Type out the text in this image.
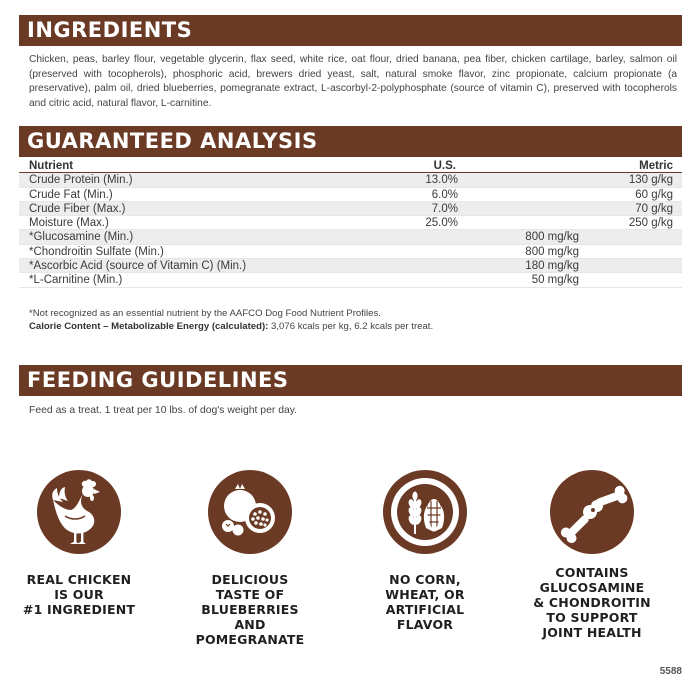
INGREDIENTS
Chicken, peas, barley flour, vegetable glycerin, flax seed, white rice, oat flour, dried banana, pea fiber, chicken cartilage, barley, salmon oil (preserved with tocopherols), phosphoric acid, brewers dried yeast, salt, natural smoke flavor, zinc propionate, calcium propionate (a preservative), palm oil, dried blueberries, pomegranate extract, L-ascorbyl-2-polyphosphate (source of vitamin C), preserved with tocopherols and citric acid, natural flavor, L-carnitine.
GUARANTEED ANALYSIS
Nutrient	U.S.	Metric
Crude Protein (Min.)	13.0%	130 g/kg
Crude Fat (Min.)	6.0%	60 g/kg
Crude Fiber (Max.)	7.0%	70 g/kg
Moisture (Max.)	25.0%	250 g/kg
*Glucosamine (Min.)	800 mg/kg
*Chondroitin Sulfate (Min.)	800 mg/kg
*Ascorbic Acid (source of Vitamin C) (Min.)	180 mg/kg
*L-Carnitine (Min.)	50 mg/kg
*Not recognized as an essential nutrient by the AAFCO Dog Food Nutrient Profiles.
Calorie Content – Metabolizable Energy (calculated): 3,076 kcals per kg, 6.2 kcals per treat.
FEEDING GUIDELINES
Feed as a treat. 1 treat per 10 lbs. of dog's weight per day.
REAL CHICKEN
IS OUR
#1 INGREDIENT
DELICIOUS
TASTE OF
BLUEBERRIES
AND
POMEGRANATE
NO CORN,
WHEAT, OR
ARTIFICIAL
FLAVOR
CONTAINS
GLUCOSAMINE
& CHONDROITIN
TO SUPPORT
JOINT HEALTH
5588
